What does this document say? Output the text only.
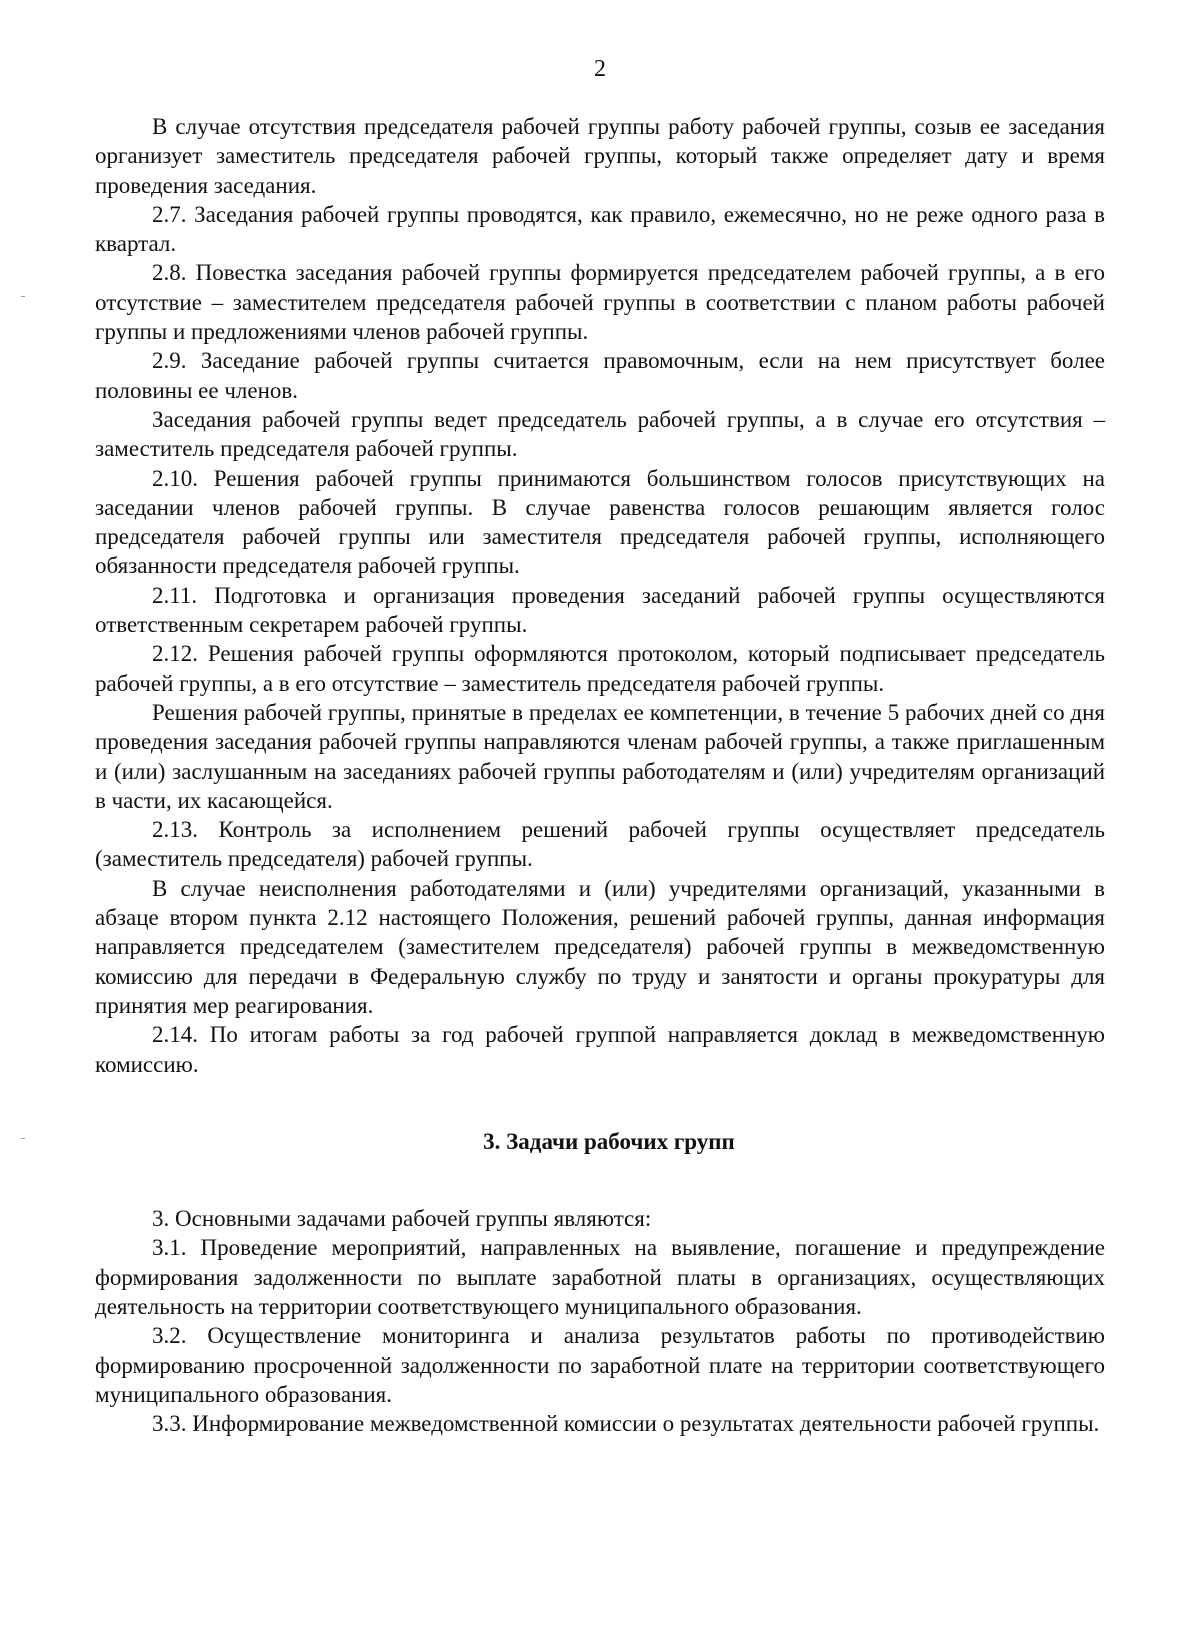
2

В случае отсутствия председателя рабочей группы работу рабочей группы, созыв ее заседания организует заместитель председателя рабочей группы, который также определяет дату и время проведения заседания.

2.7. Заседания рабочей группы проводятся, как правило, ежемесячно, но не реже одного раза в квартал.

2.8. Повестка заседания рабочей группы формируется председателем рабочей группы, а в его отсутствие – заместителем председателя рабочей группы в соответствии с планом работы рабочей группы и предложениями членов рабочей группы.

2.9. Заседание рабочей группы считается правомочным, если на нем присутствует более половины ее членов.

Заседания рабочей группы ведет председатель рабочей группы, а в случае его отсутствия – заместитель председателя рабочей группы.

2.10. Решения рабочей группы принимаются большинством голосов присутствующих на заседании членов рабочей группы. В случае равенства голосов решающим является голос председателя рабочей группы или заместителя председателя рабочей группы, исполняющего обязанности председателя рабочей группы.

2.11. Подготовка и организация проведения заседаний рабочей группы осуществляются ответственным секретарем рабочей группы.

2.12. Решения рабочей группы оформляются протоколом, который подписывает председатель рабочей группы, а в его отсутствие – заместитель председателя рабочей группы.

Решения рабочей группы, принятые в пределах ее компетенции, в течение 5 рабочих дней со дня проведения заседания рабочей группы направляются членам рабочей группы, а также приглашенным и (или) заслушанным на заседаниях рабочей группы работодателям и (или) учредителям организаций в части, их касающейся.

2.13. Контроль за исполнением решений рабочей группы осуществляет председатель (заместитель председателя) рабочей группы.

В случае неисполнения работодателями и (или) учредителями организаций, указанными в абзаце втором пункта 2.12 настоящего Положения, решений рабочей группы, данная информация направляется председателем (заместителем председателя) рабочей группы в межведомственную комиссию для передачи в Федеральную службу по труду и занятости и органы прокуратуры для принятия мер реагирования.

2.14. По итогам работы за год рабочей группой направляется доклад в межведомственную комиссию.

3. Задачи рабочих групп

3. Основными задачами рабочей группы являются:

3.1. Проведение мероприятий, направленных на выявление, погашение и предупреждение формирования задолженности по выплате заработной платы в организациях, осуществляющих деятельность на территории соответствующего муниципального образования.

3.2. Осуществление мониторинга и анализа результатов работы по противодействию формированию просроченной задолженности по заработной плате на территории соответствующего муниципального образования.

3.3. Информирование межведомственной комиссии о результатах деятельности рабочей группы.
